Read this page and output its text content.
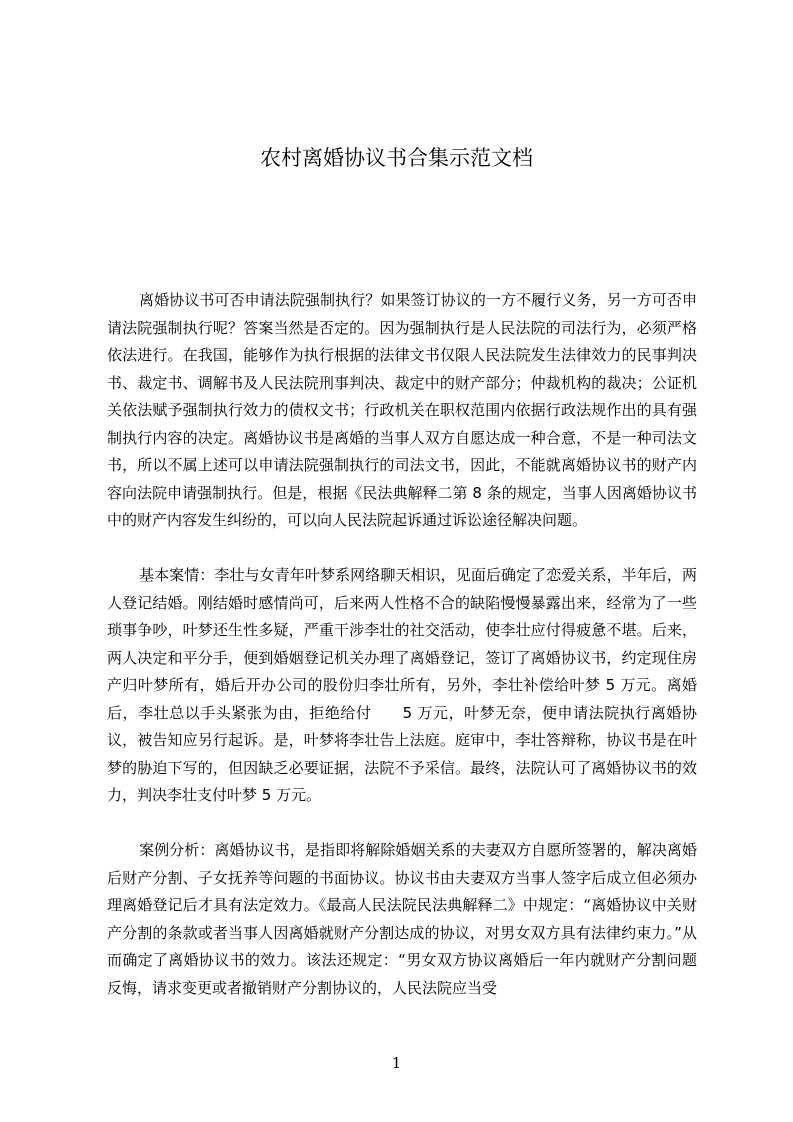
农村离婚协议书合集示范文档

离婚协议书可否申请法院强制执行？如果签订协议的一方不履行义务，另一方可否申请法院强制执行呢？答案当然是否定的。因为强制执行是人民法院的司法行为，必须严格依法进行。在我国，能够作为执行根据的法律文书仅限人民法院发生法律效力的民事判决书、裁定书、调解书及人民法院刑事判决、裁定中的财产部分；仲裁机构的裁决；公证机关依法赋予强制执行效力的债权文书；行政机关在职权范围内依据行政法规作出的具有强制执行内容的决定。离婚协议书是离婚的当事人双方自愿达成一种合意，不是一种司法文书，所以不属上述可以申请法院强制执行的司法文书，因此，不能就离婚协议书的财产内容向法院申请强制执行。但是，根据《民法典解释二第 8 条的规定，当事人因离婚协议书中的财产内容发生纠纷的，可以向人民法院起诉通过诉讼途径解决问题。

基本案情：李壮与女青年叶梦系网络聊天相识，见面后确定了恋爱关系，半年后，两人登记结婚。刚结婚时感情尚可，后来两人性格不合的缺陷慢慢暴露出来，经常为了一些琐事争吵，叶梦还生性多疑，严重干涉李壮的社交活动，使李壮应付得疲惫不堪。后来，两人决定和平分手，便到婚姻登记机关办理了离婚登记，签订了离婚协议书，约定现住房产归叶梦所有，婚后开办公司的股份归李壮所有，另外，李壮补偿给叶梦 5 万元。离婚后，李壮总以手头紧张为由，拒绝给付　　5 万元，叶梦无奈，便申请法院执行离婚协议，被告知应另行起诉。是，叶梦将李壮告上法庭。庭审中，李壮答辩称，协议书是在叶梦的胁迫下写的，但因缺乏必要证据，法院不予采信。最终，法院认可了离婚协议书的效力，判决李壮支付叶梦 5 万元。

案例分析：离婚协议书，是指即将解除婚姻关系的夫妻双方自愿所签署的，解决离婚后财产分割、子女抚养等问题的书面协议。协议书由夫妻双方当事人签字后成立但必须办理离婚登记后才具有法定效力。《最高人民法院民法典解释二》中规定：“离婚协议中关财产分割的条款或者当事人因离婚就财产分割达成的协议，对男女双方具有法律约束力。”从而确定了离婚协议书的效力。该法还规定：“男女双方协议离婚后一年内就财产分割问题反悔，请求变更或者撤销财产分割协议的，人民法院应当受

1
